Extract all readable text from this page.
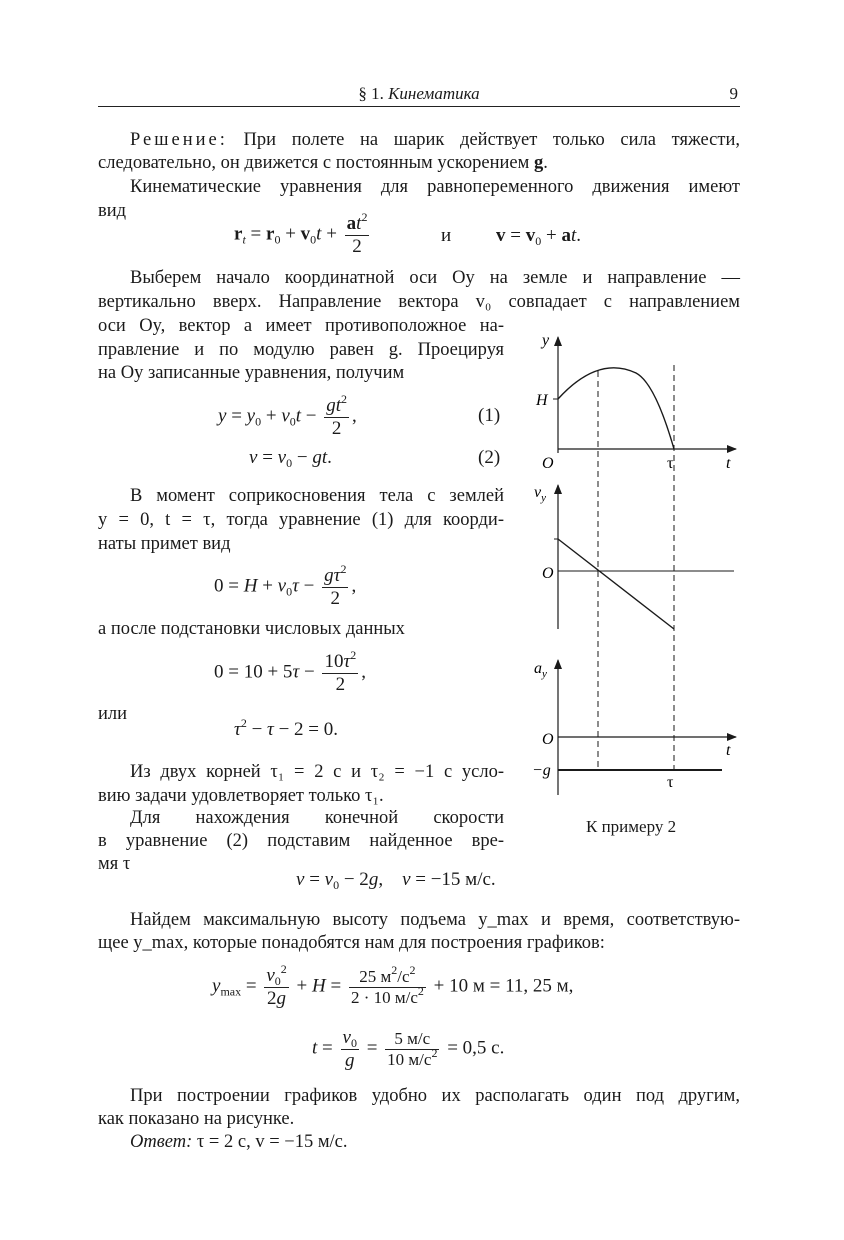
§ 1. Кинематика	9
Решение: При полете на шарик действует только сила тяжести,
следовательно, он движется с постоянным ускорением g.
Кинематические уравнения для равнопеременного движения имеют
вид
$r_t = r_0 + v_0t + \frac{at^2}{2}$	и $v = v_0$ + at.
Выберем начало координатной оси Oy на земле и направление —
вертикально вверх. Направление вектора v₀ совпадает с направлением
оси Oy, вектор a имеет противоположное на-
правление и по модулю равен g. Проецируя
на Oy записанные уравнения, получим
$y = y_0 + v_0t - \frac{gt^2}{2}$ ,	(1)
$v = v_0$ − gt.	(2)
В момент соприкосновения тела с землей
y = 0, t = τ, тогда уравнение (1) для коорди-
наты примет вид
$0 = H + v_0\tau - \frac{g\tau^2}{2}$ ,
а после подстановки числовых данных
$0 = 10 + 5\tau - \frac{10\tau^2}{2}$ ,
или
$\tau^2 - \tau - 2 = 0$.
Из двух корней τ₁ = 2 с и τ₂ = −1 с усло-
вию задачи удовлетворяет только τ₁.
Для нахождения конечной скорости
в уравнение (2) подставим найденное вре-
мя τ
$v = v_0 - 2g$,    v = −15 м/с.
Найдем максимальную высоту подъема y_max и время, соответствую-
щее y_max, которые понадобятся нам для построения графиков:
$y_{max} = \frac{v_0^2}{2g} + H = \frac{25 м^2/с^2}{2 \cdot 10 м/с^2} + 10$ м = 11, 25 м,
$t = \frac{v_0}{g} = \frac{5 м/с}{10 м/с^2} = 0,5$ с.
При построении графиков удобно их располагать один под другим,
как показано на рисунке.
Ответ: τ = 2 с, v = −15 м/с.
y
H
O	t
τ
$v_y$
O
$a_y$
O
t
−g
τ
К примеру 2
